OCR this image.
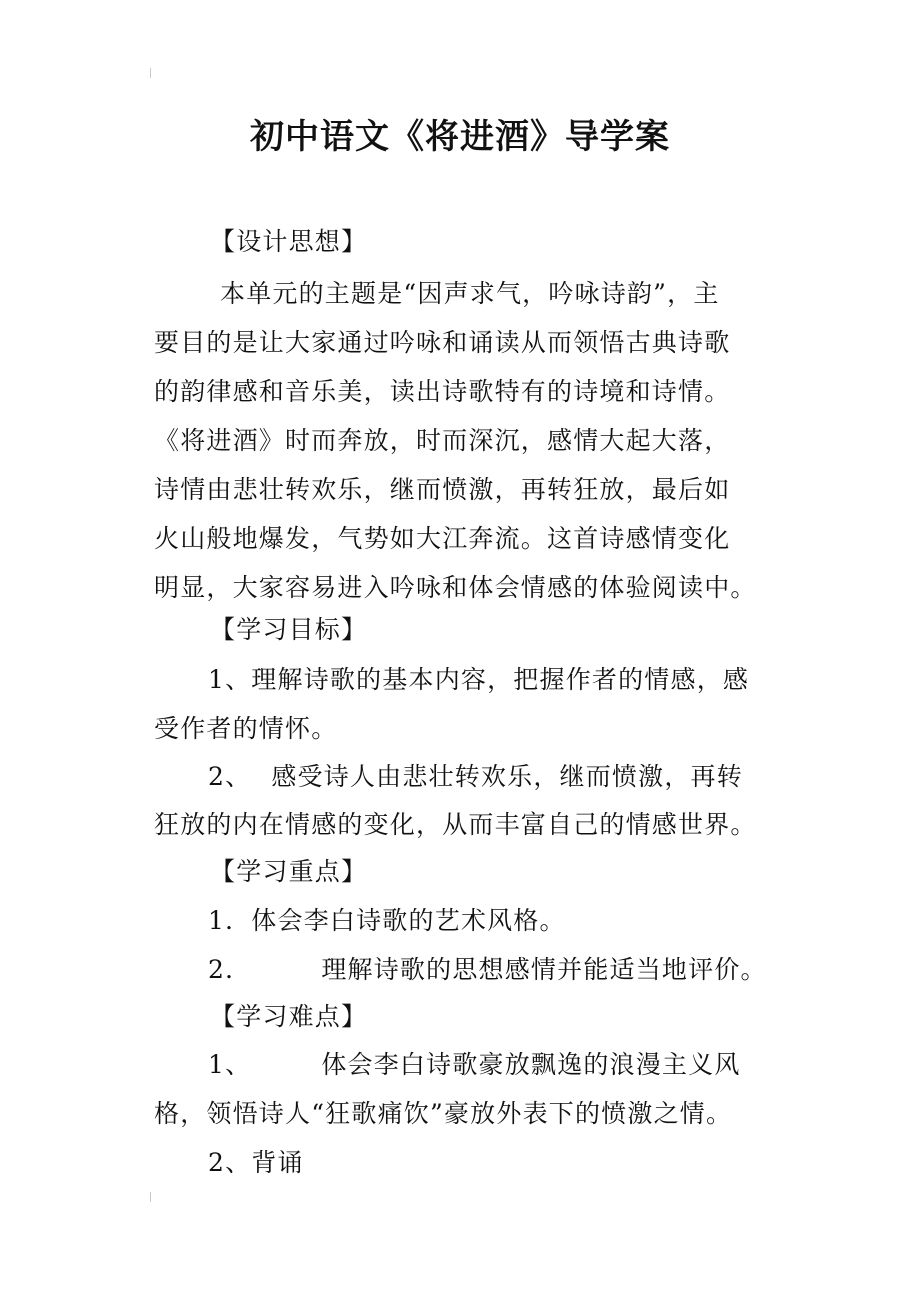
初中语文《将进酒》导学案
【设计思想】
本单元的主题是“因声求气，吟咏诗韵”，主
要目的是让大家通过吟咏和诵读从而领悟古典诗歌
的韵律感和音乐美，读出诗歌特有的诗境和诗情。
《将进酒》时而奔放，时而深沉，感情大起大落，
诗情由悲壮转欢乐，继而愤激，再转狂放，最后如
火山般地爆发，气势如大江奔流。这首诗感情变化
明显，大家容易进入吟咏和体会情感的体验阅读中。
【学习目标】
1、理解诗歌的基本内容，把握作者的情感，感
受作者的情怀。
2、 感受诗人由悲壮转欢乐，继而愤激，再转
狂放的内在情感的变化，从而丰富自己的情感世界。
【学习重点】
1．体会李白诗歌的艺术风格。
2．	理解诗歌的思想感情并能适当地评价。
【学习难点】
1、	体会李白诗歌豪放飘逸的浪漫主义风
格，领悟诗人“狂歌痛饮”豪放外表下的愤激之情。
2、背诵
